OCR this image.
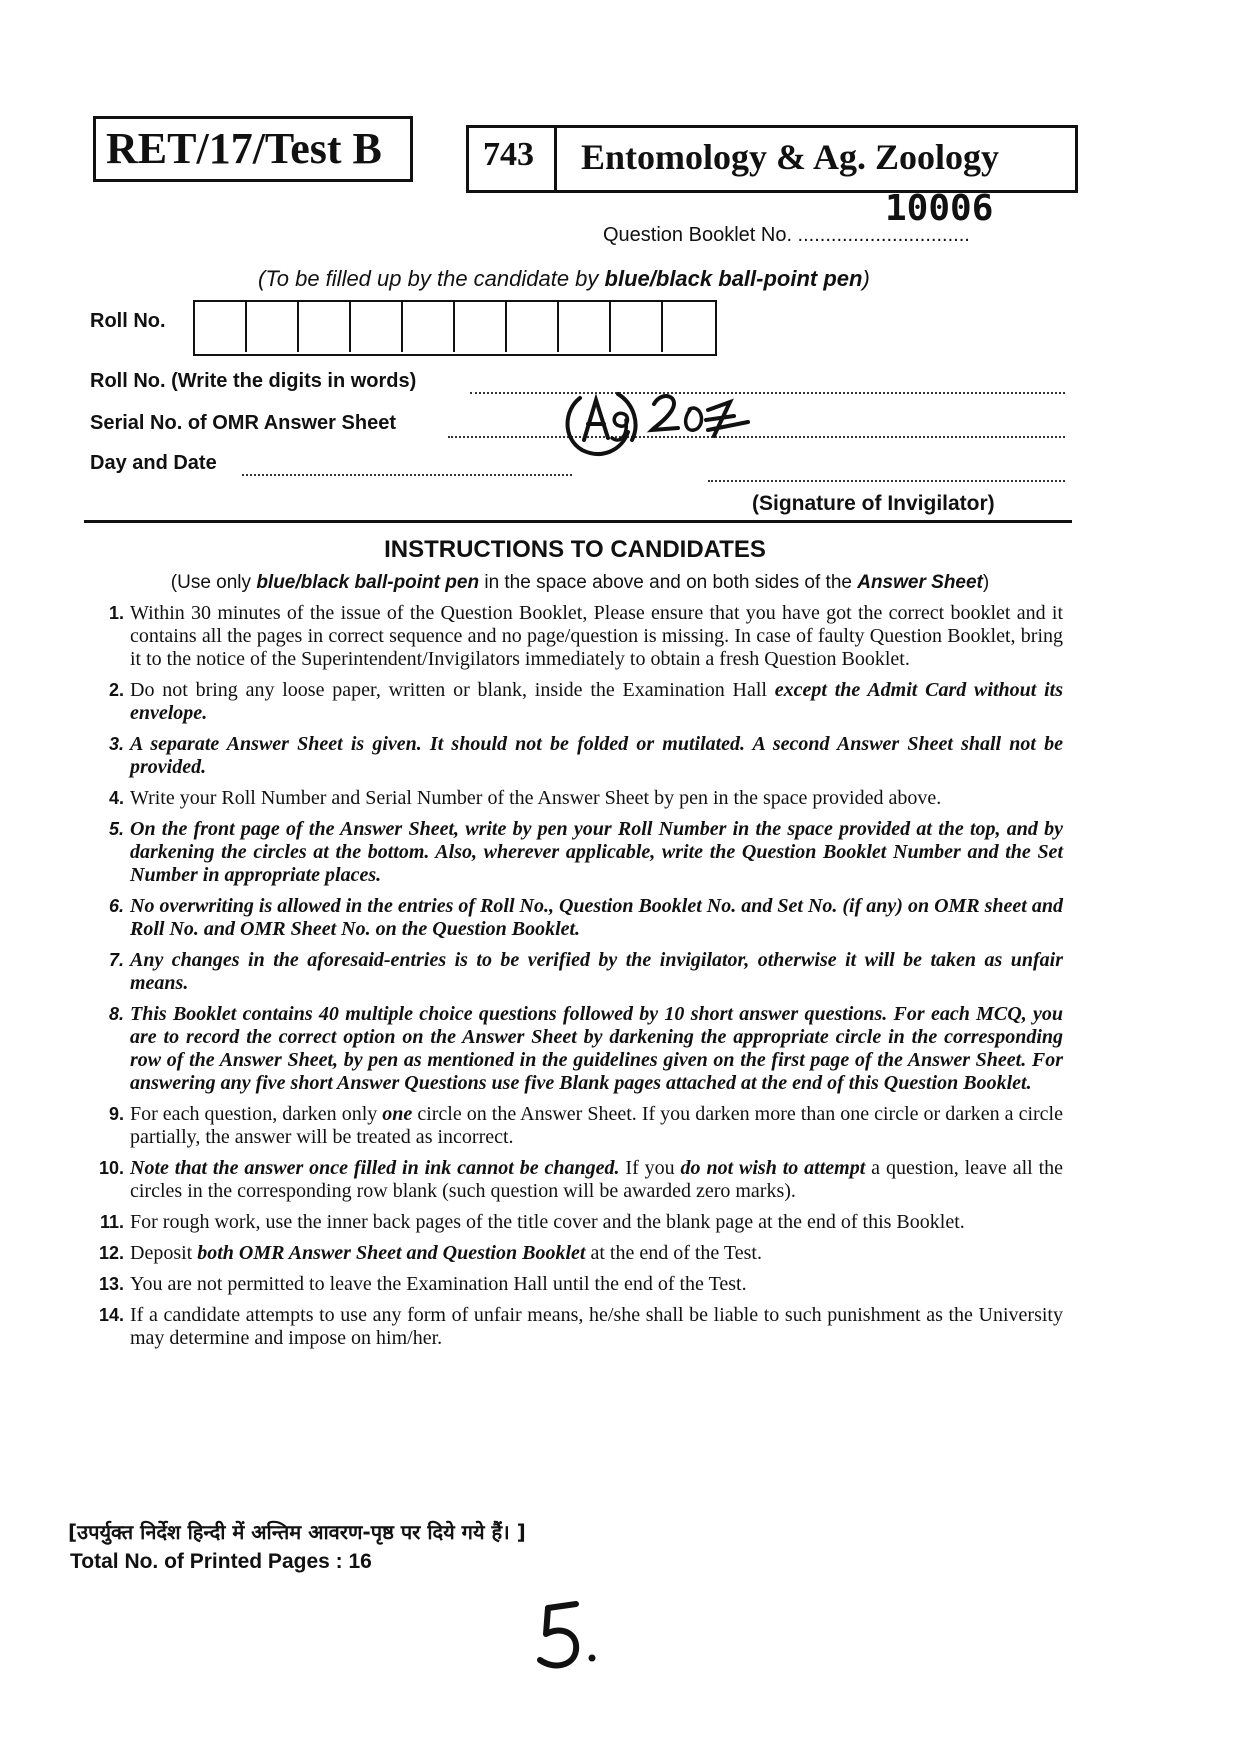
RET/17/Test B	743 Entomology & Ag. Zoology
10006
Question Booklet No. ...............................
(To be filled up by the candidate by blue/black ball-point pen)
Roll No.
Roll No. (Write the digits in words)
Serial No. of OMR Answer Sheet
Day and Date
(Signature of Invigilator)
INSTRUCTIONS TO CANDIDATES
(Use only blue/black ball-point pen in the space above and on both sides of the Answer Sheet)
1. Within 30 minutes of the issue of the Question Booklet, Please ensure that you have got the correct booklet and it contains all the pages in correct sequence and no page/question is missing. In case of faulty Question Booklet, bring it to the notice of the Superintendent/Invigilators immediately to obtain a fresh Question Booklet.
2. Do not bring any loose paper, written or blank, inside the Examination Hall except the Admit Card without its envelope.
3. A separate Answer Sheet is given. It should not be folded or mutilated. A second Answer Sheet shall not be provided.
4. Write your Roll Number and Serial Number of the Answer Sheet by pen in the space provided above.
5. On the front page of the Answer Sheet, write by pen your Roll Number in the space provided at the top, and by darkening the circles at the bottom. Also, wherever applicable, write the Question Booklet Number and the Set Number in appropriate places.
6. No overwriting is allowed in the entries of Roll No., Question Booklet No. and Set No. (if any) on OMR sheet and Roll No. and OMR Sheet No. on the Question Booklet.
7. Any changes in the aforesaid-entries is to be verified by the invigilator, otherwise it will be taken as unfair means.
8. This Booklet contains 40 multiple choice questions followed by 10 short answer questions. For each MCQ, you are to record the correct option on the Answer Sheet by darkening the appropriate circle in the corresponding row of the Answer Sheet, by pen as mentioned in the guidelines given on the first page of the Answer Sheet. For answering any five short Answer Questions use five Blank pages attached at the end of this Question Booklet.
9. For each question, darken only one circle on the Answer Sheet. If you darken more than one circle or darken a circle partially, the answer will be treated as incorrect.
10. Note that the answer once filled in ink cannot be changed. If you do not wish to attempt a question, leave all the circles in the corresponding row blank (such question will be awarded zero marks).
11. For rough work, use the inner back pages of the title cover and the blank page at the end of this Booklet.
12. Deposit both OMR Answer Sheet and Question Booklet at the end of the Test.
13. You are not permitted to leave the Examination Hall until the end of the Test.
14. If a candidate attempts to use any form of unfair means, he/she shall be liable to such punishment as the University may determine and impose on him/her.
[उपर्युक्त निर्देश हिन्दी में अन्तिम आवरण-पृष्ठ पर दिये गये हैं। ]
Total No. of Printed Pages : 16
